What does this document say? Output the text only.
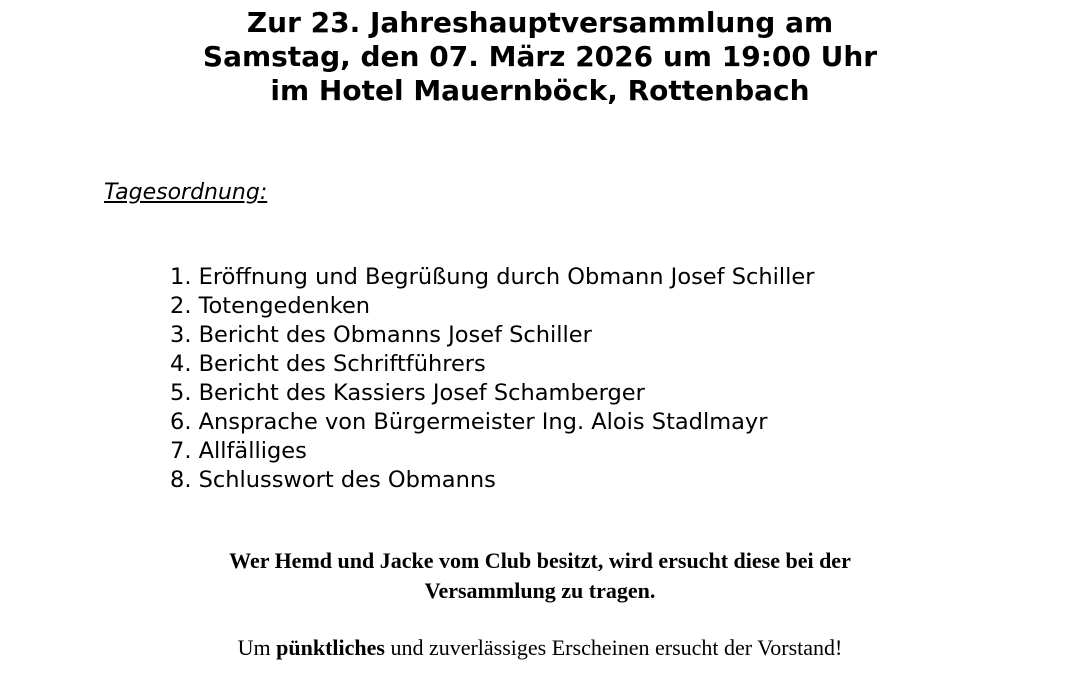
Zur 23. Jahreshauptversammlung am
Samstag, den 07. März 2026 um 19:00 Uhr
im Hotel Mauernböck, Rottenbach
Tagesordnung:
1. Eröffnung und Begrüßung durch Obmann Josef Schiller
2. Totengedenken
3. Bericht des Obmanns Josef Schiller
4. Bericht des Schriftführers
5. Bericht des Kassiers Josef Schamberger
6. Ansprache von Bürgermeister Ing. Alois Stadlmayr
7. Allfälliges
8. Schlusswort des Obmanns
Wer Hemd und Jacke vom Club besitzt, wird ersucht diese bei der
Versammlung zu tragen.
Um pünktliches und zuverlässiges Erscheinen ersucht der Vorstand!
